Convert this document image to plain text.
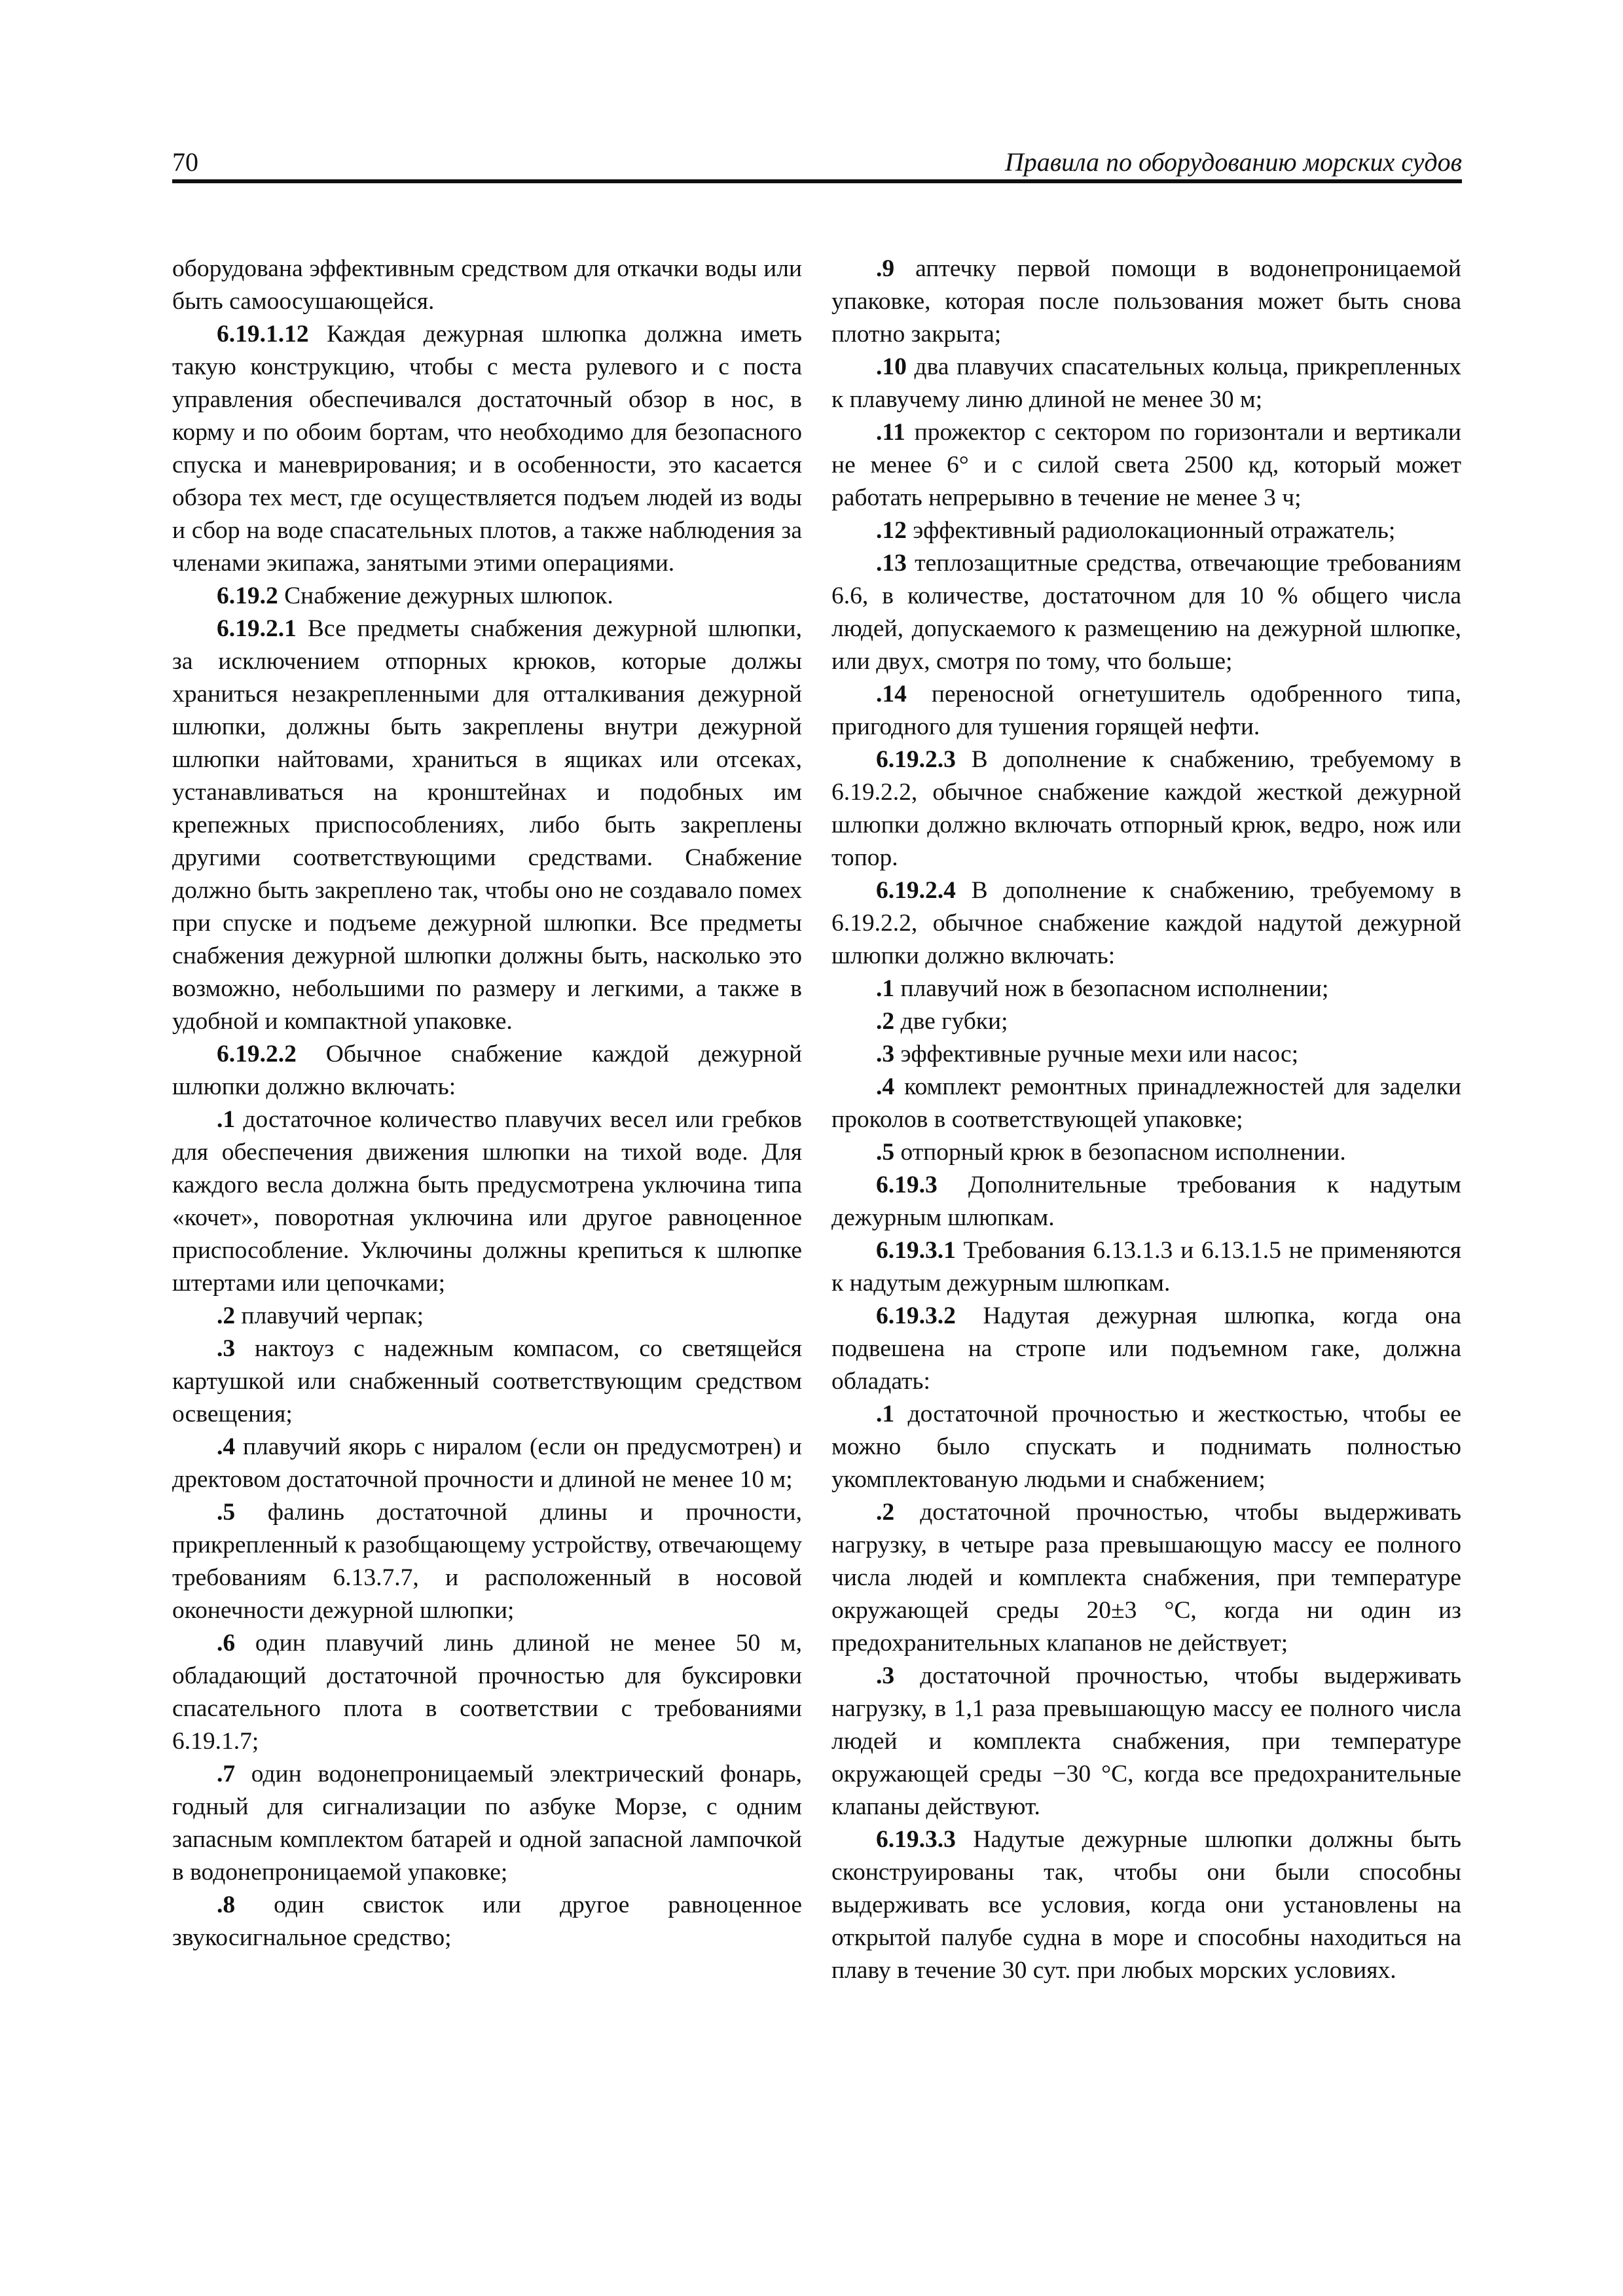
70	Правила по оборудованию морских судов

оборудована эффективным средством для откачки воды или быть самоосушающейся.

6.19.1.12 Каждая дежурная шлюпка должна иметь такую конструкцию, чтобы с места рулевого и с поста управления обеспечивался достаточный обзор в нос, в корму и по обоим бортам, что необходимо для безопасного спуска и маневрирования; и в особенности, это касается обзора тех мест, где осуществляется подъем людей из воды и сбор на воде спасательных плотов, а также наблюдения за членами экипажа, занятыми этими операциями.

6.19.2 Снабжение дежурных шлюпок.

6.19.2.1 Все предметы снабжения дежурной шлюпки, за исключением отпорных крюков, которые должы храниться незакрепленными для отталкивания дежурной шлюпки, должны быть закреплены внутри дежурной шлюпки найтовами, храниться в ящиках или отсеках, устанавливаться на кронштейнах и подобных им крепежных приспособлениях, либо быть закреплены другими соответствующими средствами. Снабжение должно быть закреплено так, чтобы оно не создавало помех при спуске и подъеме дежурной шлюпки. Все предметы снабжения дежурной шлюпки должны быть, насколько это возможно, небольшими по размеру и легкими, а также в удобной и компактной упаковке.

6.19.2.2 Обычное снабжение каждой дежурной шлюпки должно включать:

.1 достаточное количество плавучих весел или гребков для обеспечения движения шлюпки на тихой воде. Для каждого весла должна быть предусмотрена уключина типа «кочет», поворотная уключина или другое равноценное приспособление. Уключины должны крепиться к шлюпке штертами или цепочками;

.2 плавучий черпак;

.3 нактоуз с надежным компасом, со светящейся картушкой или снабженный соответствующим средством освещения;

.4 плавучий якорь с ниралом (если он предусмотрен) и дректовом достаточной прочности и длиной не менее 10 м;

.5 фалинь достаточной длины и прочности, прикрепленный к разобщающему устройству, отвечающему требованиям 6.13.7.7, и расположенный в носовой оконечности дежурной шлюпки;

.6 один плавучий линь длиной не менее 50 м, обладающий достаточной прочностью для буксировки спасательного плота в соответствии с требованиями 6.19.1.7;

.7 один водонепроницаемый электрический фонарь, годный для сигнализации по азбуке Морзе, с одним запасным комплектом батарей и одной запасной лампочкой в водонепроницаемой упаковке;

.8 один свисток или другое равноценное звукосигнальное средство;

.9 аптечку первой помощи в водонепроницаемой упаковке, которая после пользования может быть снова плотно закрыта;

.10 два плавучих спасательных кольца, прикрепленных к плавучему линю длиной не менее 30 м;

.11 прожектор с сектором по горизонтали и вертикали не менее 6° и с силой света 2500 кд, который может работать непрерывно в течение не менее 3 ч;

.12 эффективный радиолокационный отражатель;

.13 теплозащитные средства, отвечающие требованиям 6.6, в количестве, достаточном для 10 % общего числа людей, допускаемого к размещению на дежурной шлюпке, или двух, смотря по тому, что больше;

.14 переносной огнетушитель одобренного типа, пригодного для тушения горящей нефти.

6.19.2.3 В дополнение к снабжению, требуемому в 6.19.2.2, обычное снабжение каждой жесткой дежурной шлюпки должно включать отпорный крюк, ведро, нож или топор.

6.19.2.4 В дополнение к снабжению, требуемому в 6.19.2.2, обычное снабжение каждой надутой дежурной шлюпки должно включать:

.1 плавучий нож в безопасном исполнении;

.2 две губки;

.3 эффективные ручные мехи или насос;

.4 комплект ремонтных принадлежностей для заделки проколов в соответствующей упаковке;

.5 отпорный крюк в безопасном исполнении.

6.19.3 Дополнительные требования к надутым дежурным шлюпкам.

6.19.3.1 Требования 6.13.1.3 и 6.13.1.5 не применяются к надутым дежурным шлюпкам.

6.19.3.2 Надутая дежурная шлюпка, когда она подвешена на стропе или подъемном гаке, должна обладать:

.1 достаточной прочностью и жесткостью, чтобы ее можно было спускать и поднимать полностью укомплектованую людьми и снабжением;

.2 достаточной прочностью, чтобы выдерживать нагрузку, в четыре раза превышающую массу ее полного числа людей и комплекта снабжения, при температуре окружающей среды 20±3 °С, когда ни один из предохранительных клапанов не действует;

.3 достаточной прочностью, чтобы выдерживать нагрузку, в 1,1 раза превышающую массу ее полного числа людей и комплекта снабжения, при температуре окружающей среды −30 °С, когда все предохранительные клапаны действуют.

6.19.3.3 Надутые дежурные шлюпки должны быть сконструированы так, чтобы они были способны выдерживать все условия, когда они установлены на открытой палубе судна в море и способны находиться на плаву в течение 30 сут. при любых морских условиях.
